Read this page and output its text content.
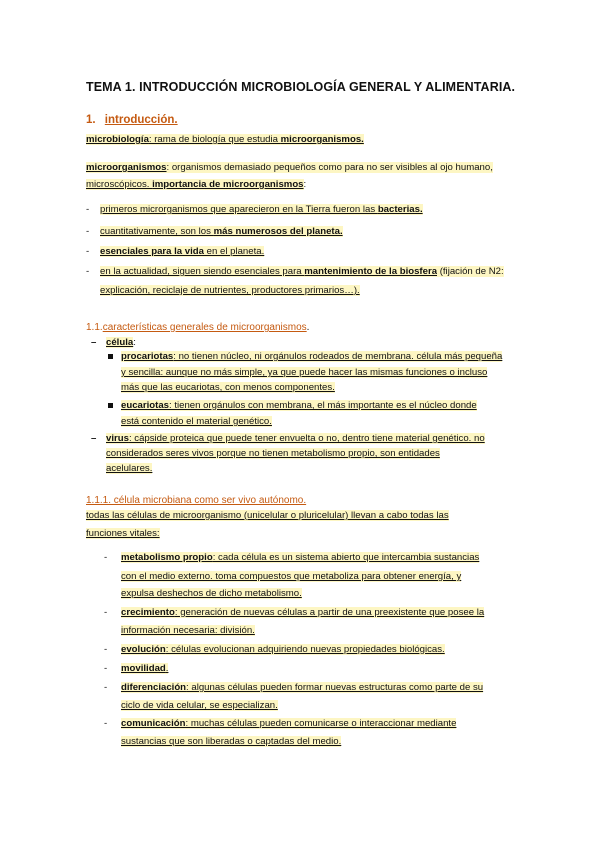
TEMA 1. INTRODUCCIÓN MICROBIOLOGÍA GENERAL Y ALIMENTARIA.
1. introducción.
microbiología: rama de biología que estudia microorganismos.
microorganismos: organismos demasiado pequeños como para no ser visibles al ojo humano,
microscópicos. importancia de microorganismos:
- primeros microrganismos que aparecieron en la Tierra fueron las bacterias.
- cuantitativamente, son los más numerosos del planeta.
- esenciales para la vida en el planeta.
- en la actualidad, siguen siendo esenciales para mantenimiento de la biosfera (fijación de N2:
explicación, reciclaje de nutrientes, productores primarios…).
1.1.características generales de microorganismos.
– célula:
procariotas: no tienen núcleo, ni orgánulos rodeados de membrana. célula más pequeña
y sencilla: aunque no más simple, ya que puede hacer las mismas funciones o incluso
más que las eucariotas, con menos componentes.
eucariotas: tienen orgánulos con membrana, el más importante es el núcleo donde
está contenido el material genético.
– virus: cápside proteica que puede tener envuelta o no, dentro tiene material genético. no
considerados seres vivos porque no tienen metabolismo propio, son entidades
acelulares.
1.1.1. célula microbiana como ser vivo autónomo.
todas las células de microorganismo (unicelular o pluricelular) llevan a cabo todas las
funciones vitales:
- metabolismo propio: cada célula es un sistema abierto que intercambia sustancias
con el medio externo. toma compuestos que metaboliza para obtener energía, y
expulsa deshechos de dicho metabolismo.
- crecimiento: generación de nuevas células a partir de una preexistente que posee la
información necesaria: división.
- evolución: células evolucionan adquiriendo nuevas propiedades biológicas.
- movilidad.
- diferenciación: algunas células pueden formar nuevas estructuras como parte de su
ciclo de vida celular, se especializan.
- comunicación: muchas células pueden comunicarse o interaccionar mediante
sustancias que son liberadas o captadas del medio.
